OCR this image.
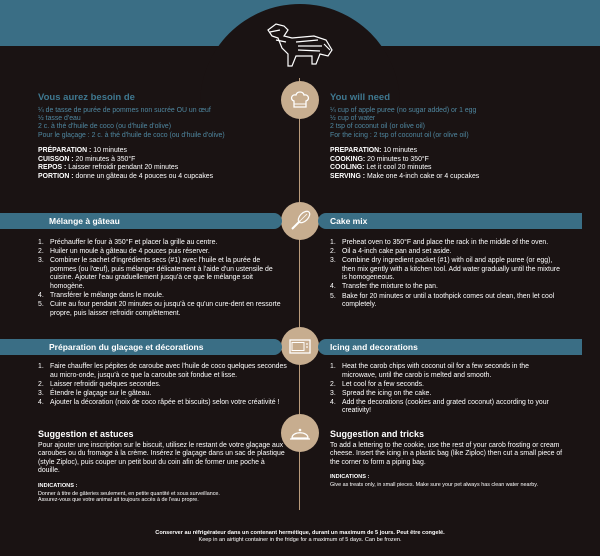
Vous aurez besoin de
¼ de tasse de purée de pommes non sucrée OU un œuf
½ tasse d'eau
2 c. à thé d'huile de coco (ou d'huile d'olive)
Pour le glaçage : 2 c. à thé d'huile de coco (ou d'huile d'olive)
PRÉPARATION : 10 minutes
CUISSON : 20 minutes à 350°F
REPOS : Laisser refroidir pendant 20 minutes
PORTION : donne un gâteau de 4 pouces ou 4 cupcakes
You will need
¼ cup of apple puree (no sugar added) or 1 egg
½ cup of water
2 tsp of coconut oil (or olive oil)
For the icing : 2 tsp of coconut oil (or olive oil)
PREPARATION: 10 minutes
COOKING: 20 minutes to 350°F
COOLING: Let it cool 20 minutes
SERVING : Make one 4-inch cake or 4 cupcakes
Mélange à gâteau	Cake mix
1. Préchauffer le four à 350°F et placer la grille au centre.
2. Huiler un moule à gâteau de 4 pouces puis réserver.
3. Combiner le sachet d'ingrédients secs (#1) avec l'huile et la purée de pommes (ou l'œuf), puis mélanger délicatement à l'aide d'un ustensile de cuisine. Ajouter l'eau graduellement jusqu'à ce que le mélange soit homogène.
4. Transférer le mélange dans le moule.
5. Cuire au four pendant 20 minutes ou jusqu'à ce qu'un cure-dent en ressorte propre, puis laisser refroidir complètement.
1. Preheat oven to 350°F and place the rack in the middle of the oven.
2. Oil a 4-inch cake pan and set aside.
3. Combine dry ingredient packet (#1) with oil and apple puree (or egg), then mix gently with a kitchen tool. Add water gradually until the mixture is homogeneous.
4. Transfer the mixture to the pan.
5. Bake for 20 minutes or until a toothpick comes out clean, then let cool completely.
Préparation du glaçage et décorations	Icing and decorations
1. Faire chauffer les pépites de caroube avec l'huile de coco quelques secondes au micro-onde, jusqu'à ce que la caroube soit fondue et lisse.
2. Laisser refroidir quelques secondes.
3. Étendre le glaçage sur le gâteau.
4. Ajouter la décoration (noix de coco râpée et biscuits) selon votre créativité !
1. Heat the carob chips with coconut oil for a few seconds in the microwave, until the carob is melted and smooth.
2. Let cool for a few seconds.
3. Spread the icing on the cake.
4. Add the decorations (cookies and grated coconut) according to your creativity!
Suggestion et astuces
Pour ajouter une inscription sur le biscuit, utilisez le restant de votre glaçage aux caroubes ou du fromage à la crème. Insérez le glaçage dans un sac de plastique (style Ziploc), puis couper un petit bout du coin afin de former une poche à douille.
INDICATIONS :
Donner à titre de gâteries seulement, en petite quantité et sous surveillance.
Assurez-vous que votre animal ait toujours accès à de l'eau propre.
Suggestion and tricks
To add a lettering to the cookie, use the rest of your carob frosting or cream cheese. Insert the icing in a plastic bag (like Ziploc) then cut a small piece of the corner to form a piping bag.
INDICATIONS :
Give as treats only, in small pieces. Make sure your pet always has clean water nearby.
Conserver au réfrigérateur dans un contenant hermétique, durant un maximum de 5 jours. Peut être congelé.
Keep in an airtight container in the fridge for a maximum of 5 days. Can be frozen.
